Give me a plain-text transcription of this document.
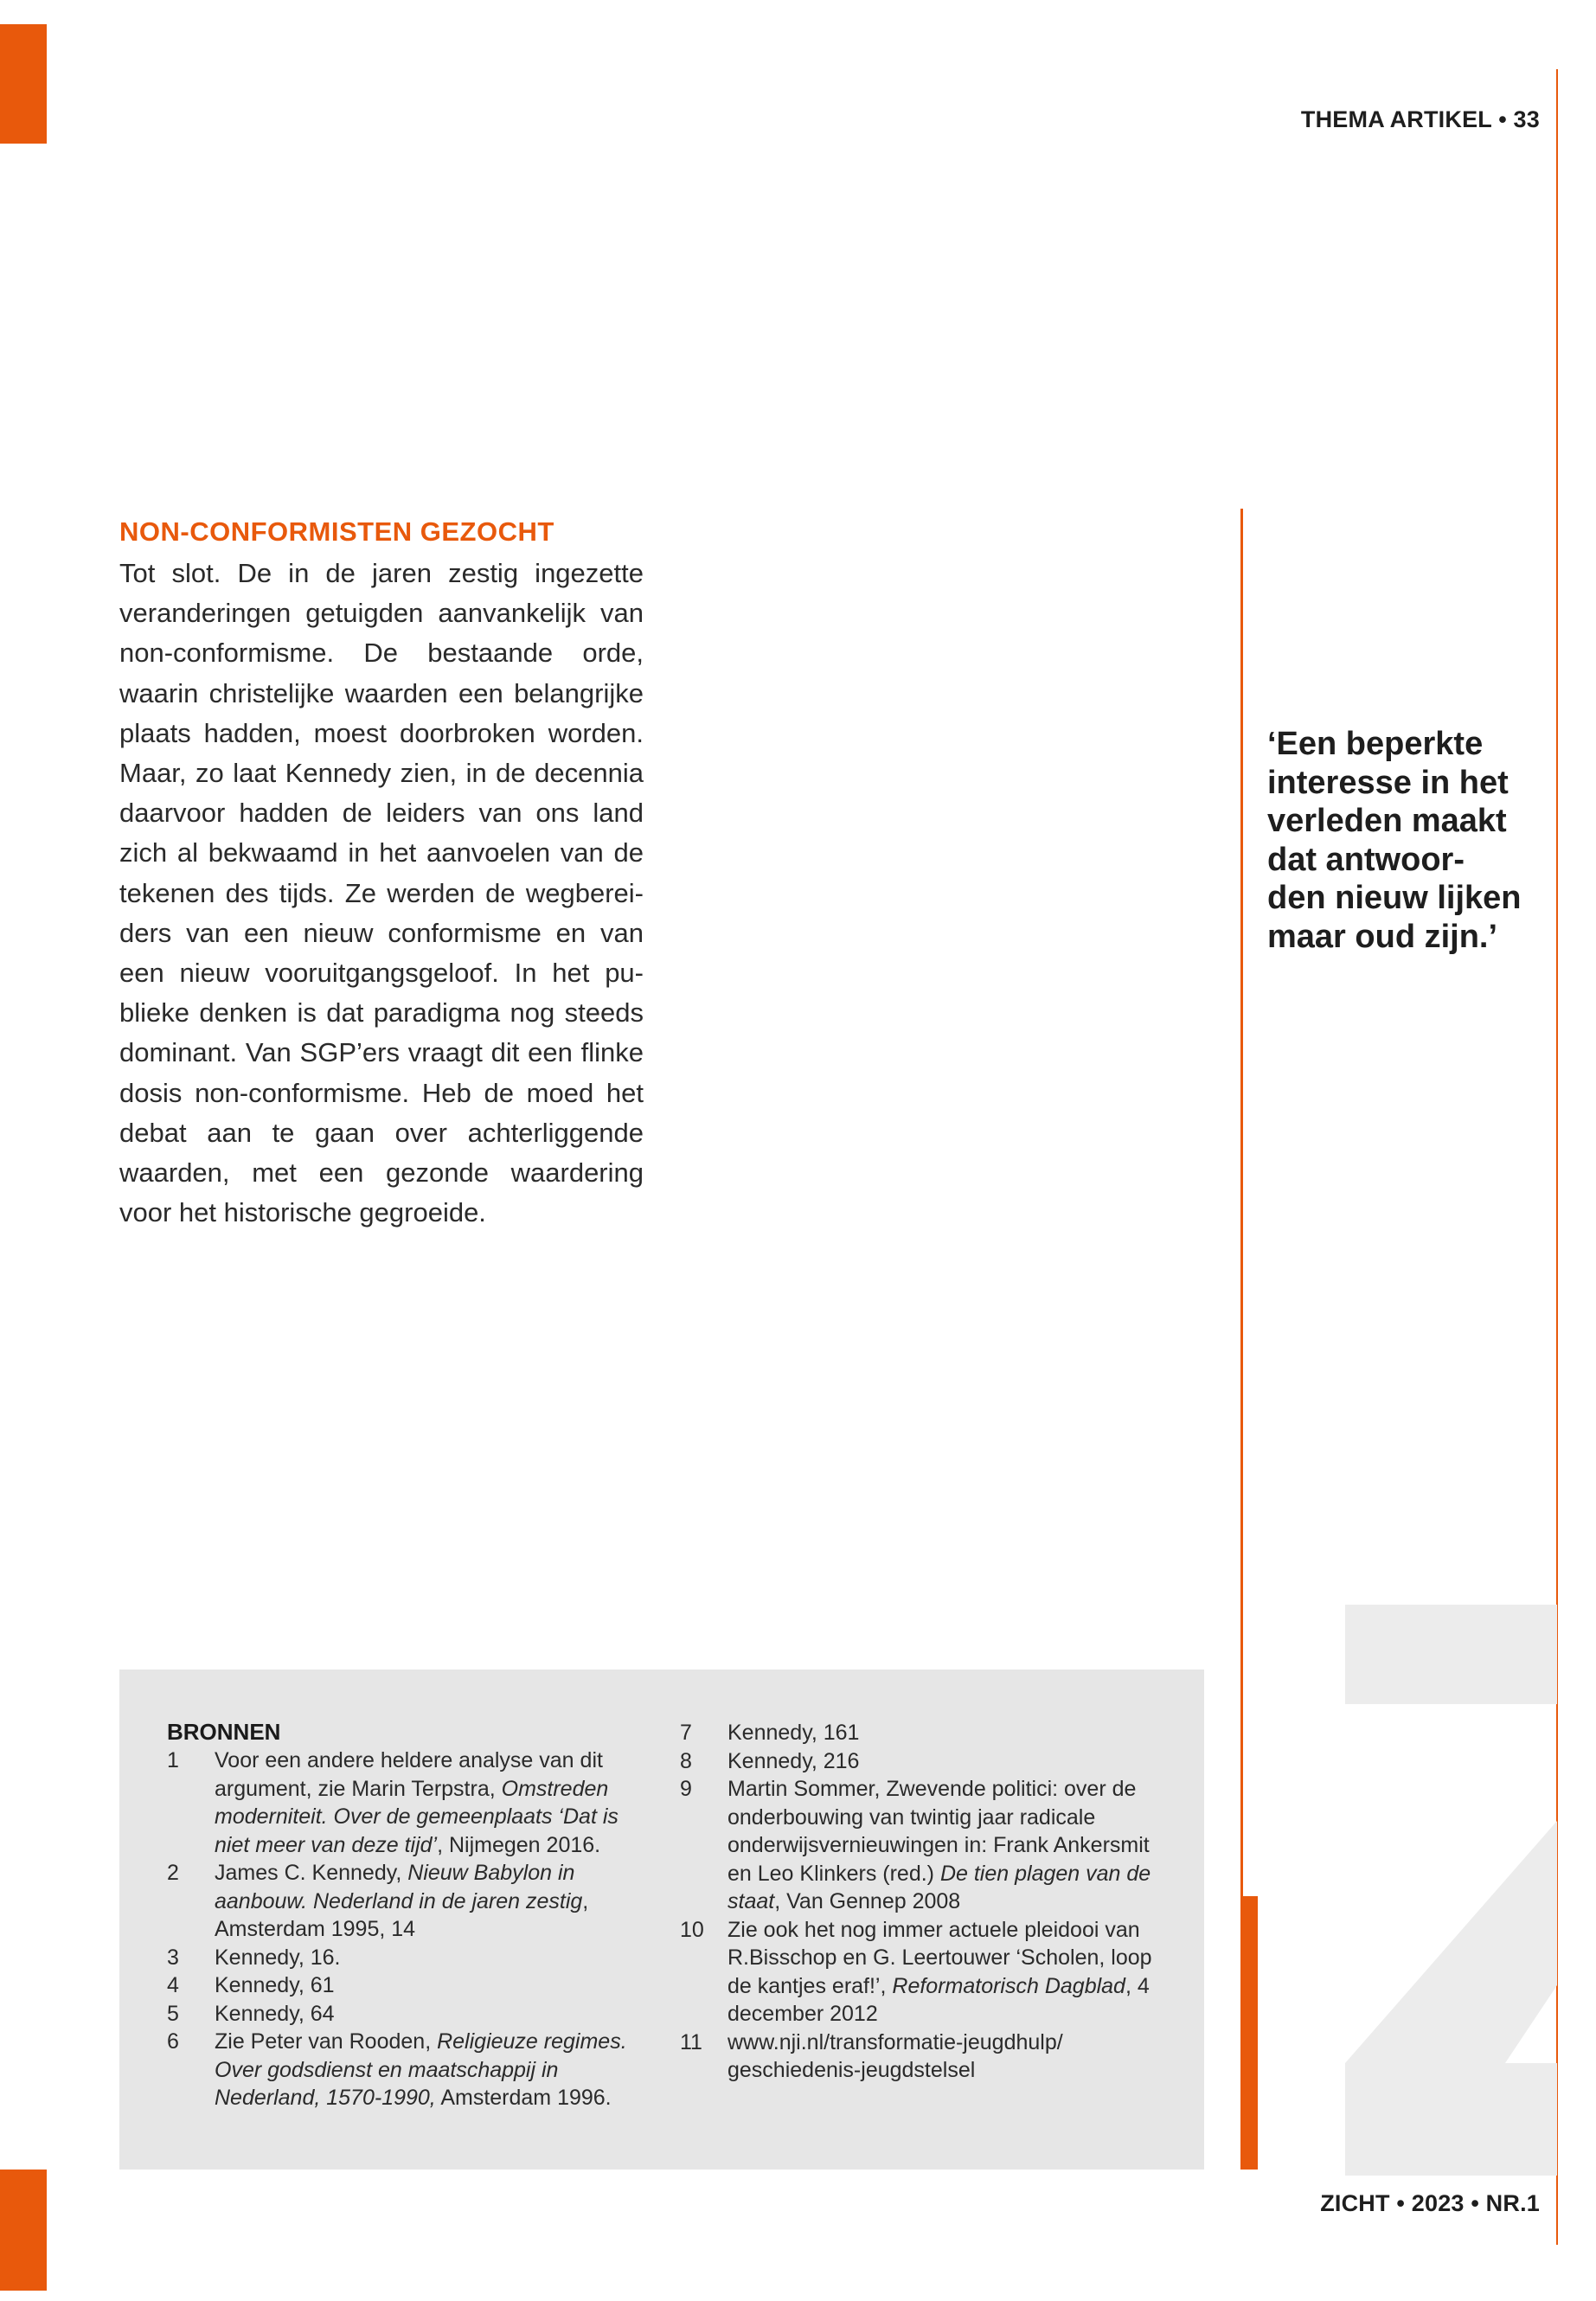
THEMA ARTIKEL • 33
NON-CONFORMISTEN GEZOCHT

Tot slot. De in de jaren zestig ingezette veranderingen getuigden aanvankelijk van non-conformisme. De bestaande orde, waarin christelijke waarden een belangrijke plaats hadden, moest doorbroken worden. Maar, zo laat Kennedy zien, in de decennia daarvoor hadden de leiders van ons land zich al bekwaamd in het aanvoelen van de tekenen des tijds. Ze werden de wegbereiders van een nieuw conformisme en van een nieuw vooruitgangsgeloof. In het publieke denken is dat paradigma nog steeds dominant. Van SGP’ers vraagt dit een flinke dosis non-conformisme. Heb de moed het debat aan te gaan over achterliggende waarden, met een gezonde waardering voor het historische gegroeide.

‘Een beperkte
interesse in het
verleden maakt
dat antwoor-
den nieuw lijken
maar oud zijn.’
BRONNEN
1	Voor een andere heldere analyse van dit argument, zie Marin Terpstra, Omstreden moderniteit. Over de gemeenplaats ‘Dat is niet meer van deze tijd’, Nijmegen 2016.
2	James C. Kennedy, Nieuw Babylon in aanbouw. Nederland in de jaren zestig, Amsterdam 1995, 14
3	Kennedy, 16.
4	Kennedy, 61
5	Kennedy, 64
6	Zie Peter van Rooden, Religieuze regimes. Over godsdienst en maatschappij in Nederland, 1570-1990, Amsterdam 1996.
7	Kennedy, 161
8	Kennedy, 216
9	Martin Sommer, Zwevende politici: over de onderbouwing van twintig jaar radicale onderwijsvernieuwingen in: Frank Ankersmit en Leo Klinkers (red.) De tien plagen van de staat, Van Gennep 2008
10	Zie ook het nog immer actuele pleidooi van R.Bisschop en G. Leertouwer ‘Scholen, loop de kantjes eraf!’, Reformatorisch Dagblad, 4 december 2012
11	www.nji.nl/transformatie-jeugdhulp/ geschiedenis-jeugdstelsel
ZICHT • 2023 • NR.1
